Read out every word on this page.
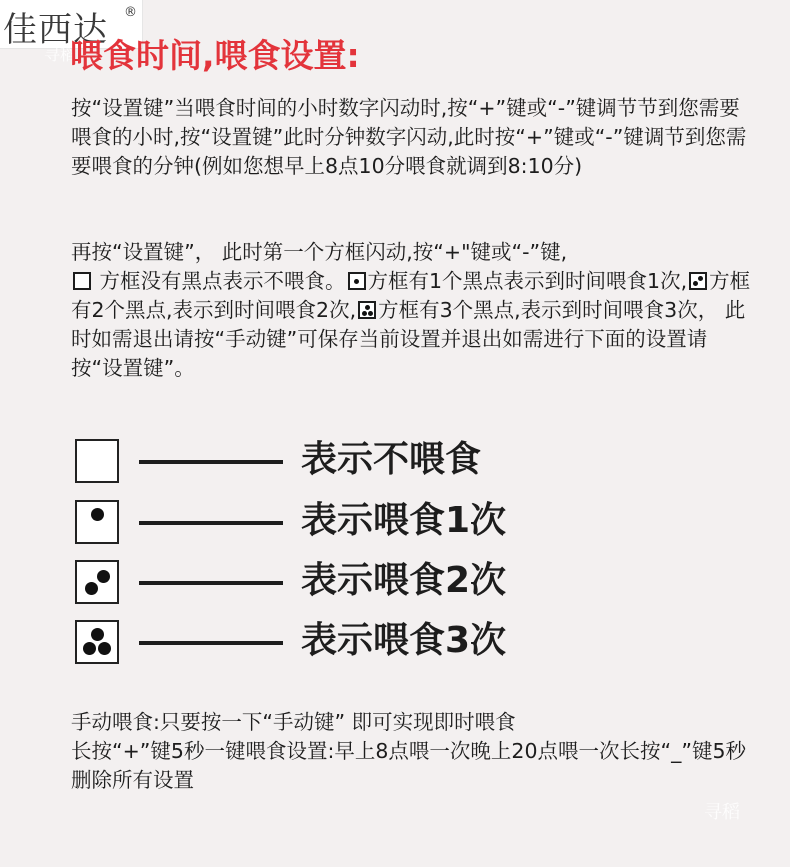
佳西达 ®
寻稻
喂食时间,喂食设置:

按“设置键”当喂食时间的小时数字闪动时,按“+”键或“-”键调节节到您需要喂食的小时,按“设置键”此时分钟数字闪动,此时按“+”键或“-”键调节到您需要喂食的分钟(例如您想早上8点10分喂食就调到8:10分)

再按“设置键”， 此时第一个方框闪动,按“+"键或“-”键,
方框没有黑点表示不喂食。 方框有1个黑点表示到时间喂食1次, 方框有2个黑点,表示到时间喂食2次, 方框有3个黑点,表示到时间喂食3次， 此时如需退出请按“手动键”可保存当前设置并退出如需进行下面的设置请按“设置键”。

表示不喂食
表示喂食1次
表示喂食2次
表示喂食3次

手动喂食:只要按一下“手动键” 即可实现即时喂食
长按“+”键5秒一键喂食设置:早上8点喂一次晚上20点喂一次长按“_”键5秒删除所有设置

寻稻
